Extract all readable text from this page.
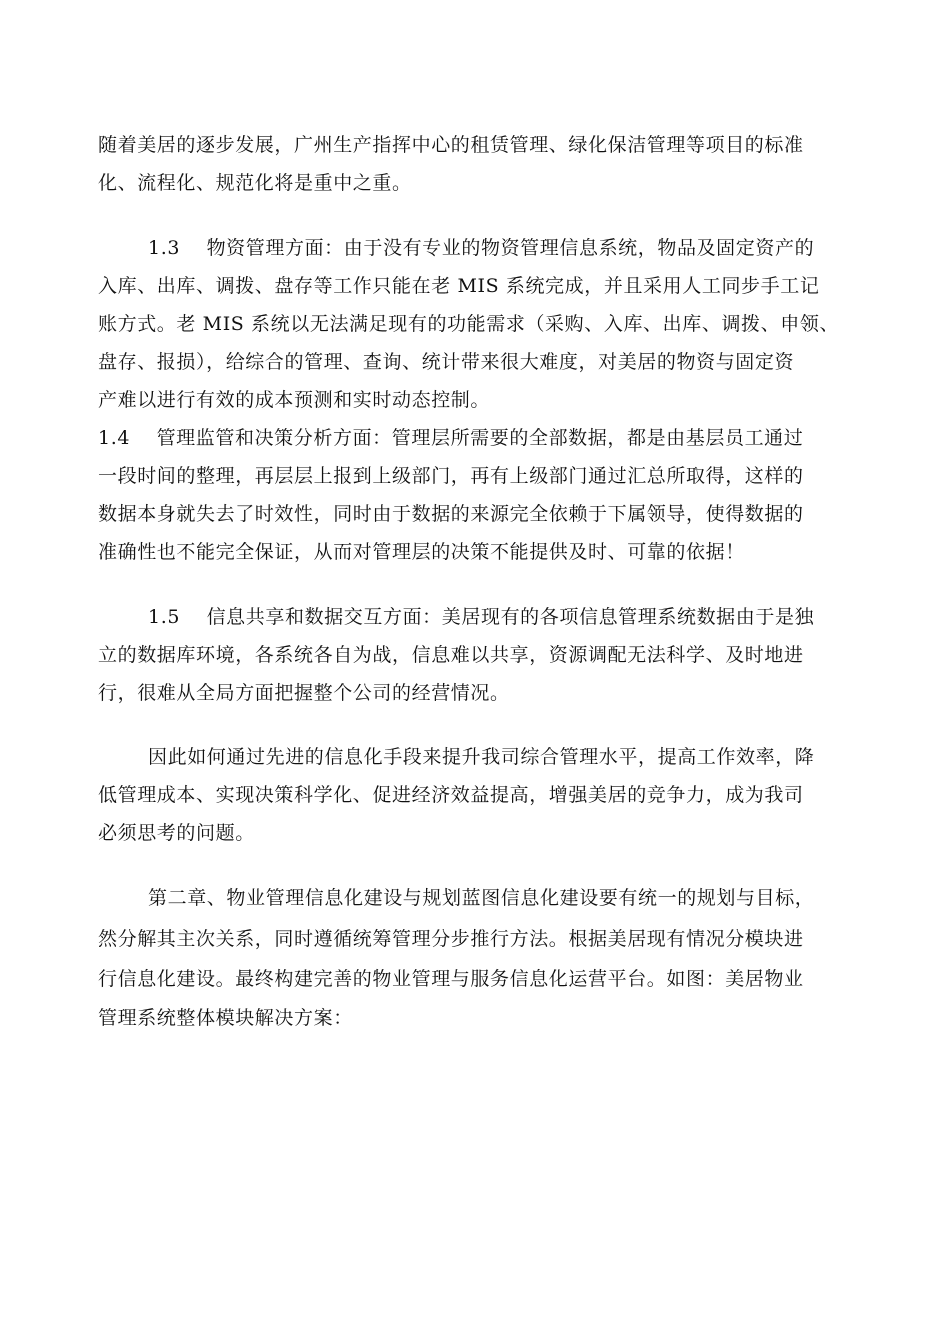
随着美居的逐步发展，广州生产指挥中心的租赁管理、绿化保洁管理等项目的标准
化、流程化、规范化将是重中之重。
1.3    物资管理方面：由于没有专业的物资管理信息系统，物品及固定资产的
入库、出库、调拨、盘存等工作只能在老 MIS 系统完成，并且采用人工同步手工记
账方式。老 MIS 系统以无法满足现有的功能需求（采购、入库、出库、调拨、申领、
盘存、报损），给综合的管理、查询、统计带来很大难度，对美居的物资与固定资
产难以进行有效的成本预测和实时动态控制。
1.4    管理监管和决策分析方面：管理层所需要的全部数据，都是由基层员工通过
一段时间的整理，再层层上报到上级部门，再有上级部门通过汇总所取得，这样的
数据本身就失去了时效性，同时由于数据的来源完全依赖于下属领导，使得数据的
准确性也不能完全保证，从而对管理层的决策不能提供及时、可靠的依据！
1.5    信息共享和数据交互方面：美居现有的各项信息管理系统数据由于是独
立的数据库环境，各系统各自为战，信息难以共享，资源调配无法科学、及时地进
行，很难从全局方面把握整个公司的经营情况。
因此如何通过先进的信息化手段来提升我司综合管理水平，提高工作效率，降
低管理成本、实现决策科学化、促进经济效益提高，增强美居的竞争力，成为我司
必须思考的问题。
第二章、物业管理信息化建设与规划蓝图信息化建设要有统一的规划与目标，
然分解其主次关系，同时遵循统筹管理分步推行方法。根据美居现有情况分模块进
行信息化建设。最终构建完善的物业管理与服务信息化运营平台。如图：美居物业
管理系统整体模块解决方案：
